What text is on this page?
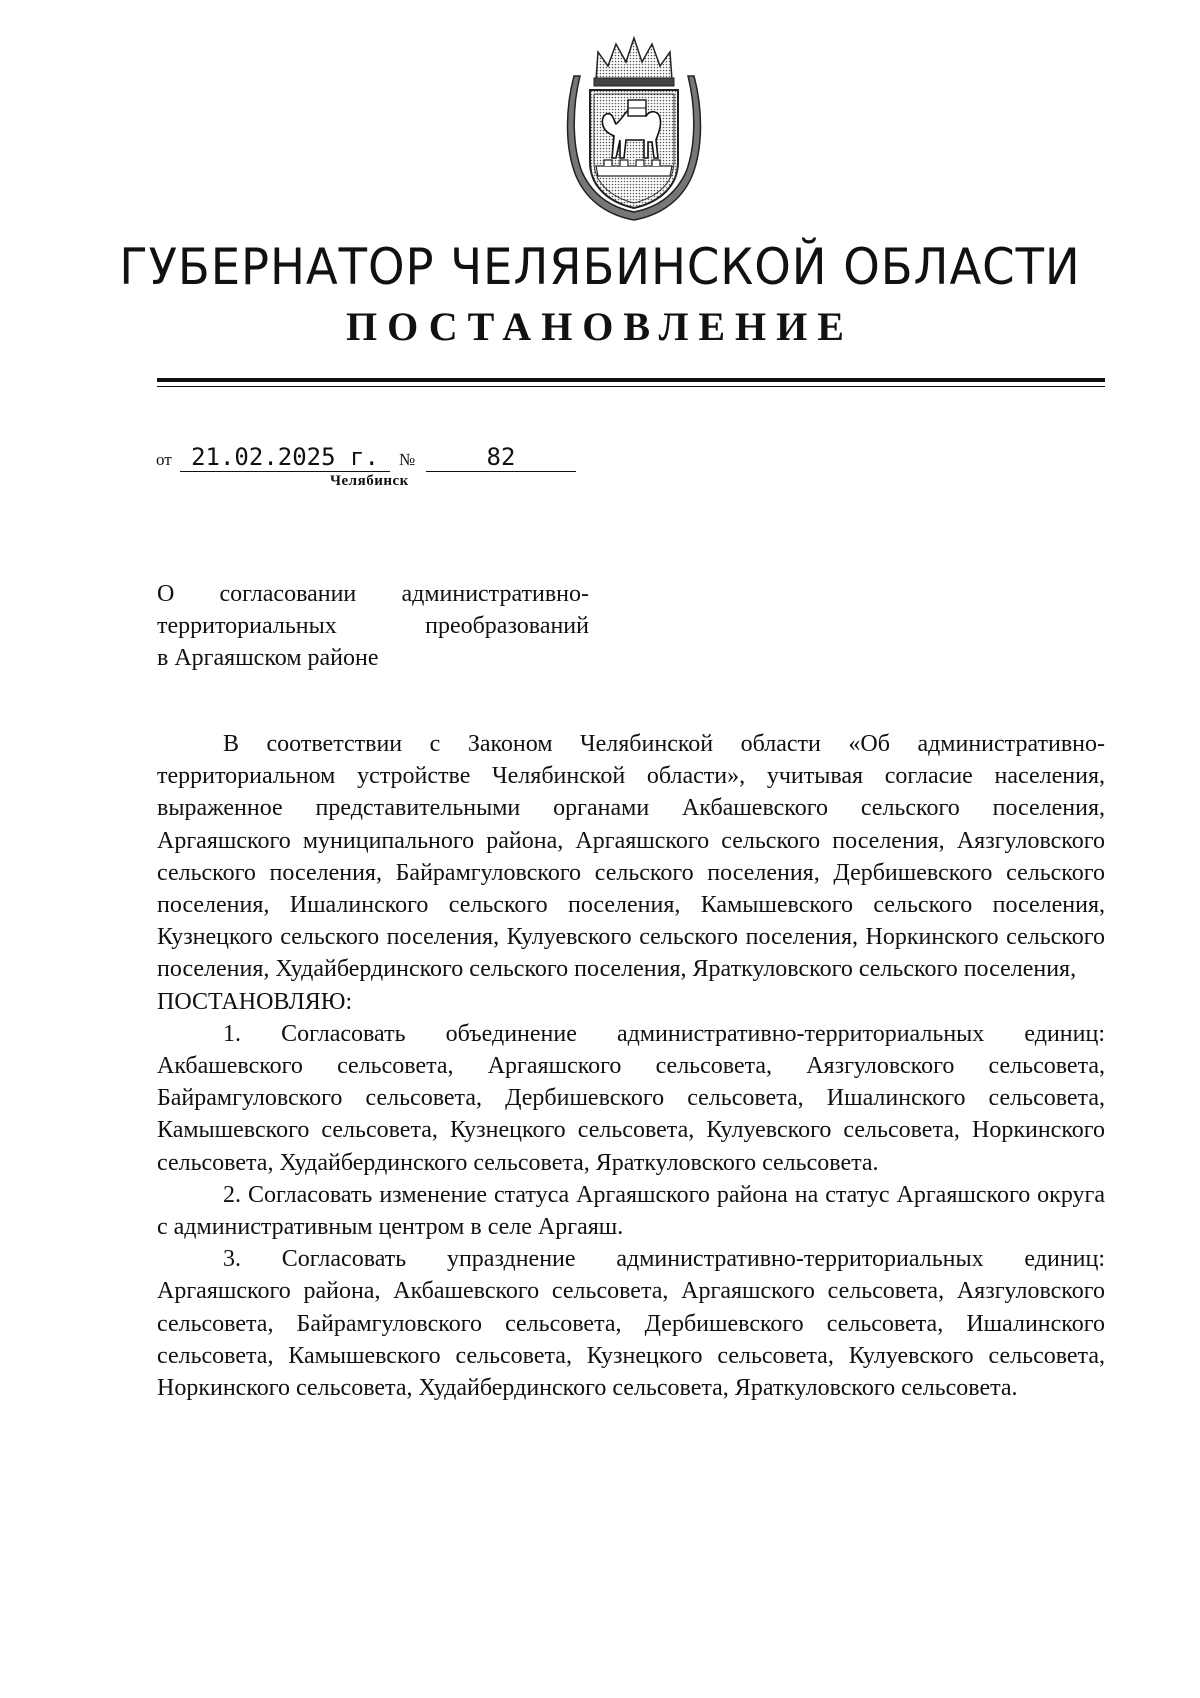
ГУБЕРНАТОР ЧЕЛЯБИНСКОЙ ОБЛАСТИ
ПОСТАНОВЛЕНИЕ
от 21.02.2025 г.	№	82
Челябинск
О согласовании административно-
территориальных преобразований
в Аргаяшском районе

В соответствии с Законом Челябинской области «Об административно-территориальном устройстве Челябинской области», учитывая согласие населения, выраженное представительными органами Акбашевского сельского поселения, Аргаяшского муниципального района, Аргаяшского сельского поселения, Аязгуловского сельского поселения, Байрамгуловского сельского поселения, Дербишевского сельского поселения, Ишалинского сельского поселения, Камышевского сельского поселения, Кузнецкого сельского поселения, Кулуевского сельского поселения, Норкинского сельского поселения, Худайбердинского сельского поселения, Яраткуловского сельского поселения,

ПОСТАНОВЛЯЮ:

1. Согласовать объединение административно-территориальных единиц: Акбашевского сельсовета, Аргаяшского сельсовета, Аязгуловского сельсовета, Байрамгуловского сельсовета, Дербишевского сельсовета, Ишалинского сельсовета, Камышевского сельсовета, Кузнецкого сельсовета, Кулуевского сельсовета, Норкинского сельсовета, Худайбердинского сельсовета, Яраткуловского сельсовета.

2. Согласовать изменение статуса Аргаяшского района на статус Аргаяшского округа с административным центром в селе Аргаяш.

3. Согласовать упразднение административно-территориальных единиц: Аргаяшского района, Акбашевского сельсовета, Аргаяшского сельсовета, Аязгуловского сельсовета, Байрамгуловского сельсовета, Дербишевского сельсовета, Ишалинского сельсовета, Камышевского сельсовета, Кузнецкого сельсовета, Кулуевского сельсовета, Норкинского сельсовета, Худайбердинского сельсовета, Яраткуловского сельсовета.
